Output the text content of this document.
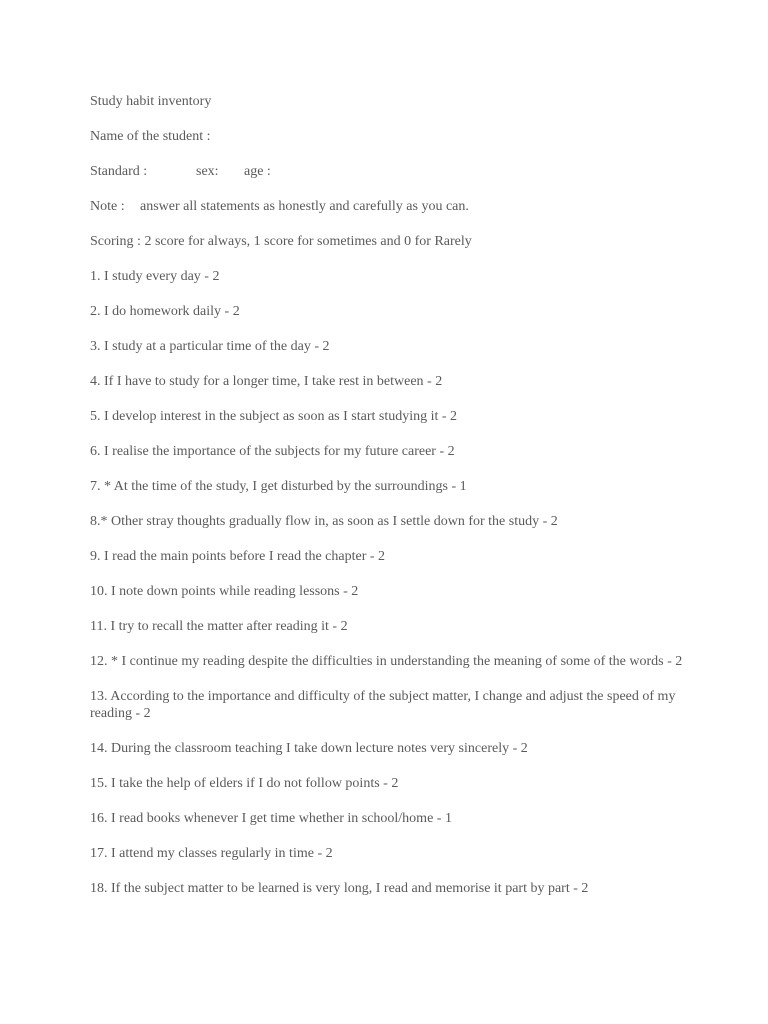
Study habit inventory
Name of the student :
Standard :	sex: age :
Note : answer all statements as honestly and carefully as you can.
Scoring : 2 score for always, 1 score for sometimes and 0 for Rarely
1. I study every day - 2
2. I do homework daily - 2
3. I study at a particular time of the day - 2
4. If I have to study for a longer time, I take rest in between - 2
5. I develop interest in the subject as soon as I start studying it - 2
6. I realise the importance of the subjects for my future career - 2
7. * At the time of the study, I get disturbed by the surroundings - 1
8.* Other stray thoughts gradually flow in, as soon as I settle down for the study - 2
9. I read the main points before I read the chapter - 2
10. I note down points while reading lessons - 2
11. I try to recall the matter after reading it - 2
12. * I continue my reading despite the difficulties in understanding the meaning of some of the words - 2
13. According to the importance and difficulty of the subject matter, I change and adjust the speed of my reading - 2
14. During the classroom teaching I take down lecture notes very sincerely - 2
15. I take the help of elders if I do not follow points - 2
16. I read books whenever I get time whether in school/home - 1
17. I attend my classes regularly in time - 2
18. If the subject matter to be learned is very long, I read and memorise it part by part - 2
